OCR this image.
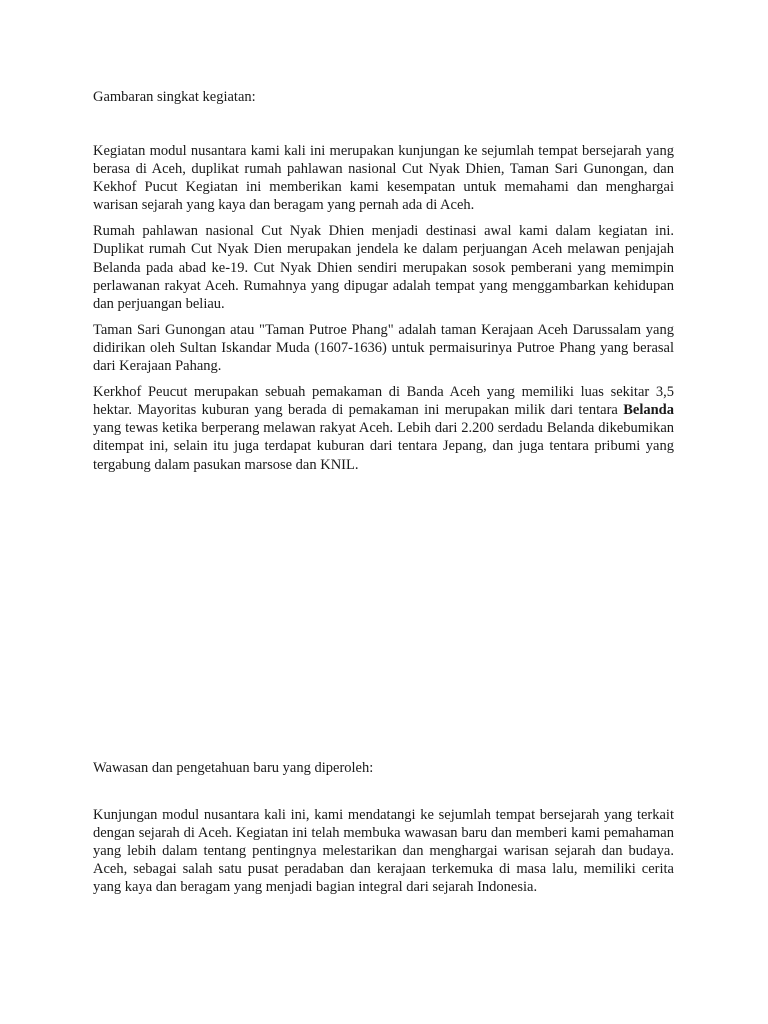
Gambaran singkat kegiatan:

Kegiatan modul nusantara kami kali ini merupakan kunjungan ke sejumlah tempat bersejarah yang berasa di Aceh, duplikat rumah pahlawan nasional Cut Nyak Dhien, Taman Sari Gunongan, dan Kekhof Pucut Kegiatan ini memberikan kami kesempatan untuk memahami dan menghargai warisan sejarah yang kaya dan beragam yang pernah ada di Aceh.

Rumah pahlawan nasional Cut Nyak Dhien menjadi destinasi awal kami dalam kegiatan ini. Duplikat rumah Cut Nyak Dien merupakan jendela ke dalam perjuangan Aceh melawan penjajah Belanda pada abad ke-19. Cut Nyak Dhien sendiri merupakan sosok pemberani yang memimpin perlawanan rakyat Aceh. Rumahnya yang dipugar adalah tempat yang menggambarkan kehidupan dan perjuangan beliau.

Taman Sari Gunongan atau "Taman Putroe Phang" adalah taman Kerajaan Aceh Darussalam yang didirikan oleh Sultan Iskandar Muda (1607-1636) untuk permaisurinya Putroe Phang yang berasal dari Kerajaan Pahang.

Kerkhof Peucut merupakan sebuah pemakaman di Banda Aceh yang memiliki luas sekitar 3,5 hektar. Mayoritas kuburan yang berada di pemakaman ini merupakan milik dari tentara Belanda yang tewas ketika berperang melawan rakyat Aceh. Lebih dari 2.200 serdadu Belanda dikebumikan ditempat ini, selain itu juga terdapat kuburan dari tentara Jepang, dan juga tentara pribumi yang tergabung dalam pasukan marsose dan KNIL.

Wawasan dan pengetahuan baru yang diperoleh:

Kunjungan modul nusantara kali ini, kami mendatangi ke sejumlah tempat bersejarah yang terkait dengan sejarah di Aceh. Kegiatan ini telah membuka wawasan baru dan memberi kami pemahaman yang lebih dalam tentang pentingnya melestarikan dan menghargai warisan sejarah dan budaya. Aceh, sebagai salah satu pusat peradaban dan kerajaan terkemuka di masa lalu, memiliki cerita yang kaya dan beragam yang menjadi bagian integral dari sejarah Indonesia.
